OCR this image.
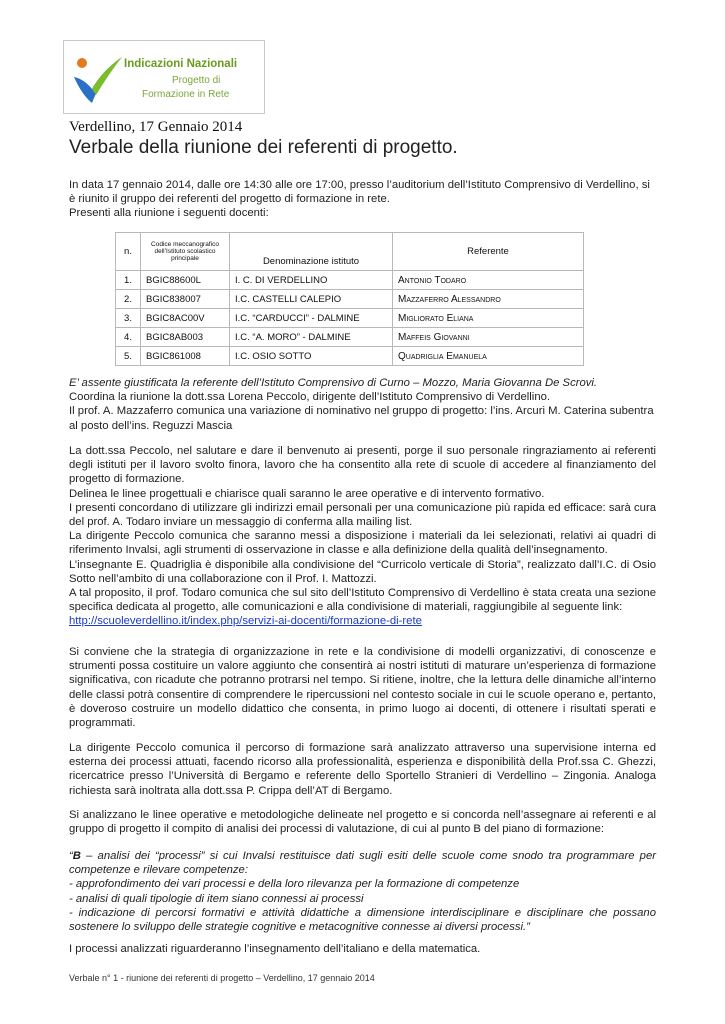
Indicazioni Nazionali
Progetto di
Formazione in Rete
Verdellino, 17 Gennaio 2014
Verbale della riunione dei referenti di progetto.

In data 17 gennaio 2014, dalle ore 14:30 alle ore 17:00, presso l’auditorium dell’Istituto Comprensivo di Verdellino, si è riunito il gruppo dei referenti del progetto di formazione in rete.

Presenti alla riunione i seguenti docenti:

n.	Codice meccanografico dell’Istituto scolastico principale	Denominazione istituto	Referente
1.	BGIC88600L	I. C. DI VERDELLINO	Antonio Todaro
2.	BGIC838007	I.C. CASTELLI CALEPIO	Mazzaferro Alessandro
3.	BGIC8AC00V	I.C. “CARDUCCI” - DALMINE	Migliorato Eliana
4.	BGIC8AB003	I.C. “A. MORO” - DALMINE	Maffeis Giovanni
5.	BGIC861008	I.C. OSIO SOTTO	Quadriglia Emanuela

E’ assente giustificata la referente dell’Istituto Comprensivo di Curno – Mozzo, Maria Giovanna De Scrovi.

Coordina la riunione la dott.ssa Lorena Peccolo, dirigente dell’Istituto Comprensivo di Verdellino.

Il prof. A. Mazzaferro comunica una variazione di nominativo nel gruppo di progetto: l’ins. Arcuri M. Caterina subentra al posto dell’ins. Reguzzi Mascia

La dott.ssa Peccolo, nel salutare e dare il benvenuto ai presenti, porge il suo personale ringraziamento ai referenti degli istituti per il lavoro svolto finora, lavoro che ha consentito alla rete di scuole di accedere al finanziamento del progetto di formazione.

Delinea le linee progettuali e chiarisce quali saranno le aree operative e di intervento formativo.

I presenti concordano di utilizzare gli indirizzi email personali per una comunicazione più rapida ed efficace: sarà cura del prof. A. Todaro inviare un messaggio di conferma alla mailing list.

La dirigente Peccolo comunica che saranno messi a disposizione i materiali da lei selezionati, relativi ai quadri di riferimento Invalsi, agli strumenti di osservazione in classe e alla definizione della qualità dell’insegnamento.

L’insegnante E. Quadriglia è disponibile alla condivisione del “Curricolo verticale di Storia”, realizzato dall’I.C. di Osio Sotto nell’ambito di una collaborazione con il Prof. I. Mattozzi.

A tal proposito, il prof. Todaro comunica che sul sito dell’Istituto Comprensivo di Verdellino è stata creata una sezione specifica dedicata al progetto, alle comunicazioni e alla condivisione di materiali, raggiungibile al seguente link:

http://scuoleverdellino.it/index.php/servizi-ai-docenti/formazione-di-rete

Si conviene che la strategia di organizzazione in rete e la condivisione di modelli organizzativi, di conoscenze e strumenti possa costituire un valore aggiunto che consentirà ai nostri istituti di maturare un’esperienza di formazione significativa, con ricadute che potranno protrarsi nel tempo. Si ritiene, inoltre, che la lettura delle dinamiche all’interno delle classi potrà consentire di comprendere le ripercussioni nel contesto sociale in cui le scuole operano e, pertanto, è doveroso costruire un modello didattico che consenta, in primo luogo ai docenti, di ottenere i risultati sperati e programmati.
La dirigente Peccolo comunica il percorso di formazione sarà analizzato attraverso una supervisione interna ed esterna dei processi attuati, facendo ricorso alla professionalità, esperienza e disponibilità della Prof.ssa C. Ghezzi, ricercatrice presso l’Università di Bergamo e referente dello Sportello Stranieri di Verdellino – Zingonia. Analoga richiesta sarà inoltrata alla dott.ssa P. Crippa dell’AT di Bergamo.
Si analizzano le linee operative e metodologiche delineate nel progetto e si concorda nell’assegnare ai referenti e al gruppo di progetto il compito di analisi dei processi di valutazione, di cui al punto B del piano di formazione:

“B – analisi dei “processi” si cui Invalsi restituisce dati sugli esiti delle scuole come snodo tra programmare per competenze e rilevare competenze:

- approfondimento dei vari processi e della loro rilevanza per la formazione di competenze

- analisi di quali tipologie di item siano connessi ai processi

- indicazione di percorsi formativi e attività didattiche a dimensione interdisciplinare e disciplinare che possano sostenere lo sviluppo delle strategie cognitive e metacognitive connesse ai diversi processi.”

I processi analizzati riguarderanno l’insegnamento dell’italiano e della matematica.
Verbale n° 1 - riunione dei referenti di progetto – Verdellino, 17 gennaio 2014
